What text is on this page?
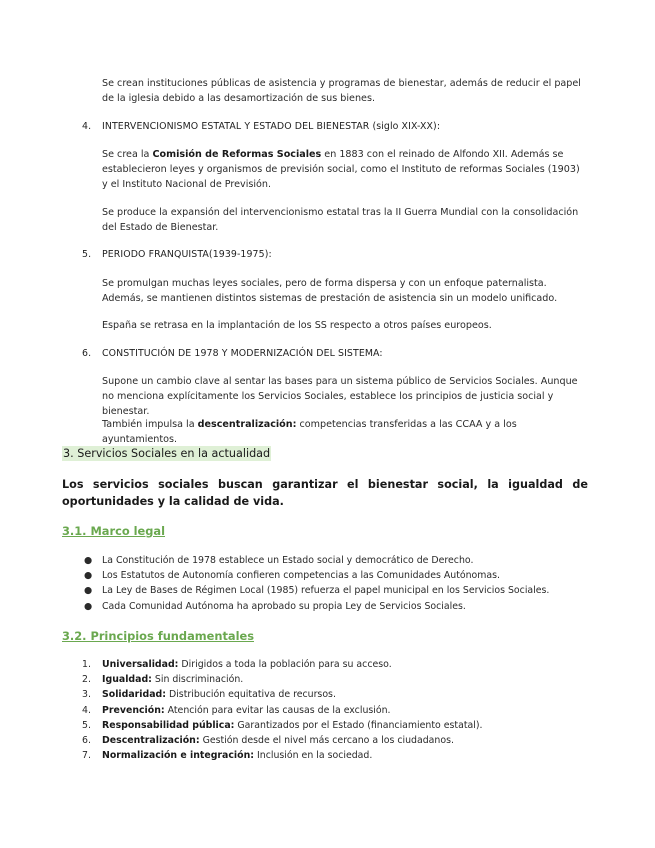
Se crean instituciones públicas de asistencia y programas de bienestar, además de reducir el papel de la iglesia debido a las desamortización de sus bienes.

4. INTERVENCIONISMO ESTATAL Y ESTADO DEL BIENESTAR (siglo XIX-XX):

Se crea la Comisión de Reformas Sociales en 1883 con el reinado de Alfondo XII. Además se establecieron leyes y organismos de previsión social, como el Instituto de reformas Sociales (1903) y el Instituto Nacional de Previsión.

Se produce la expansión del intervencionismo estatal tras la II Guerra Mundial con la consolidación del Estado de Bienestar.

5. PERIODO FRANQUISTA(1939-1975):

Se promulgan muchas leyes sociales, pero de forma dispersa y con un enfoque paternalista. Además, se mantienen distintos sistemas de prestación de asistencia sin un modelo unificado.

España se retrasa en la implantación de los SS respecto a otros países europeos.

6. CONSTITUCIÓN DE 1978 Y MODERNIZACIÓN DEL SISTEMA:

Supone un cambio clave al sentar las bases para un sistema público de Servicios Sociales. Aunque no menciona explícitamente los Servicios Sociales, establece los principios de justicia social y bienestar.

También impulsa la descentralización: competencias transferidas a las CCAA y a los ayuntamientos.

3. Servicios Sociales en la actualidad
Los servicios sociales buscan garantizar el bienestar social, la igualdad de oportunidades y la calidad de vida.
3.1. Marco legal
● La Constitución de 1978 establece un Estado social y democrático de Derecho.
● Los Estatutos de Autonomía confieren competencias a las Comunidades Autónomas.
● La Ley de Bases de Régimen Local (1985) refuerza el papel municipal en los Servicios Sociales.
● Cada Comunidad Autónoma ha aprobado su propia Ley de Servicios Sociales.
3.2. Principios fundamentales
1. Universalidad: Dirigidos a toda la población para su acceso.
2. Igualdad: Sin discriminación.
3. Solidaridad: Distribución equitativa de recursos.
4. Prevención: Atención para evitar las causas de la exclusión.
5. Responsabilidad pública: Garantizados por el Estado (financiamiento estatal).
6. Descentralización: Gestión desde el nivel más cercano a los ciudadanos.
7. Normalización e integración: Inclusión en la sociedad.
